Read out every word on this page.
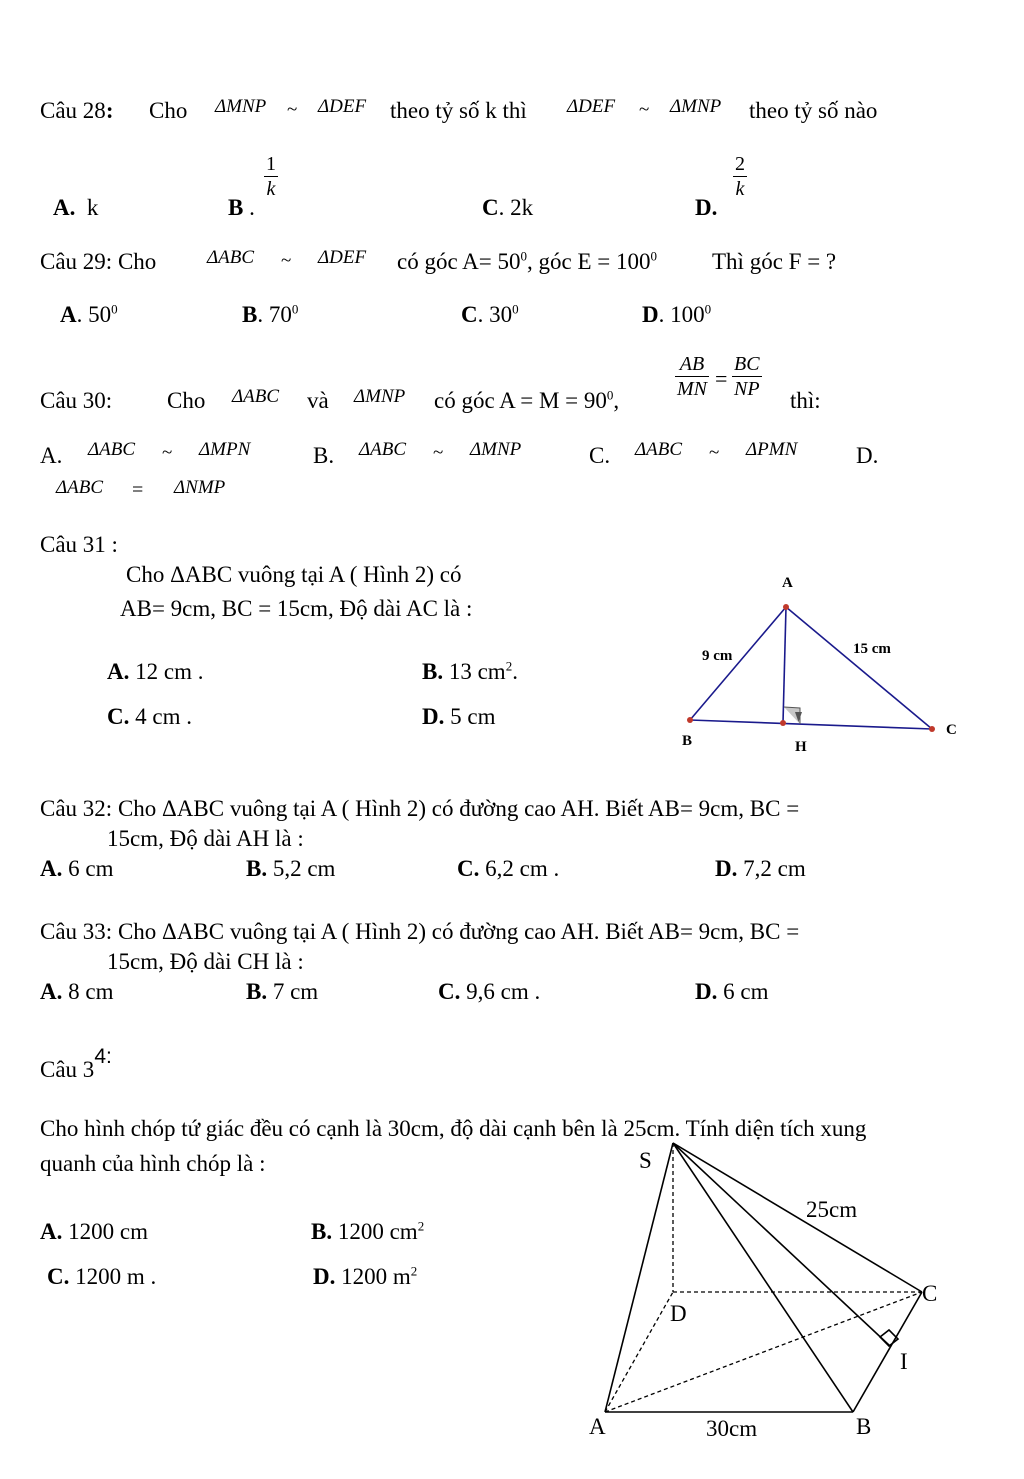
Câu 28: Cho ΔMNP ~ ΔDEF theo tỷ số k thì ΔDEF ~ ΔMNP theo tỷ số nào
A. k	B .
1
k
C. 2k	D.
2
k
Câu 29: Cho	ΔABC ~ ΔDEF có góc $A= 50^0$, góc $E = 100^0$ Thì góc F = ?
A. $50^0$	B. $70^0$	C. $30^0$	D. $100^0$
Câu 30: Cho ΔABC và ΔMNP có góc $A = M = 90^0$,
AB
MN =
BC
NP thì:
A. ΔABC ~ ΔMPN	B. ΔABC ~ ΔMNP	C. ΔABC ~ ΔPMN	D.
ΔABC = ΔNMP
Câu 31 :
Cho ΔABC vuông tại A ( Hình 2) có
AB= 9cm, BC = 15cm, Độ dài AC là :
A. 12 cm .	B. 13 $cm^2$.
C. 4 cm .	D. 5 cm
A
B
C
H
9 cm	15 cm
Câu 32: Cho ΔABC vuông tại A ( Hình 2) có đường cao AH. Biết AB= 9cm, BC =
15cm, Độ dài AH là :
A. 6 cm	B. 5,2 cm	C. 6,2 cm .	D. 7,2 cm
Câu 33: Cho ΔABC vuông tại A ( Hình 2) có đường cao AH. Biết AB= 9cm, BC =
15cm, Độ dài CH là :
A. 8 cm	B. 7 cm	C. 9,6 cm .	D. 6 cm
Câu 34:
Cho hình chóp tứ giác đều có cạnh là 30cm, độ dài cạnh bên là 25cm. Tính diện tích xung
quanh của hình chóp là :
A. 1200 cm	B. 1200 $cm^2$
C. 1200 m .	D. 1200 $m^2$
S
A	B
C
D
I
25cm
30cm
